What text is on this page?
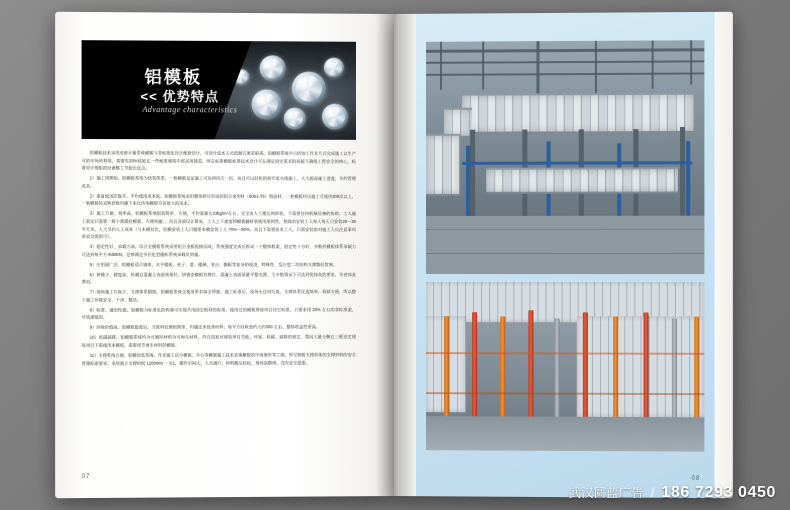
铝模板
<< 优势特点
Advantage characteristics

铝模板技术采用成套计量系统模板与非标准化设计配套设计，可设计技术人员依据方案求职需，铝模板系统中公的加工作业方式完成施工以生产可的中场所利用，需要有20%优能在一些极准建筑中部采用规范，所在标准模板标准技术设计可在满足固定需求的前提下确保工程安全的核心，标准设计规矩的设备整工节能长化点。

1）施工周期短。铝模板系统为快装体系，一套模板足足施工可达到四天一层，而且可以轻松的展开流水线施工，大大提高施工进度，节约管理成本。

2）重复使用次数多、平均使用成本低。铝模板系统采用整体挤压形成的铝合金型材（6061-T6）铸造材，一套模板经历施工可使用300次以上，一套模板的采购价格均摊下来比传统模板节省很大的成本。

3）施工方便、效率高。铝模板系统组装简单、方便，平均重量在23kg/m²左右，完全由人工搬运和拆装，不需要任何机械设备的协助；工人施工装完只需要一班小班操控模板，方便快捷；；而且各部设计简易，工人之于速度和模板翻材装使用准则性，熟练的安装工人每人每天可安装20～30平方米，人大节约人工成本（与木模对比，铝模安装工人只做要本模安装工人 70%～80%，而且不需要技术工人，只需安装前对施工人员注意事项讲求交底即可）。

4）稳定性好、承载力高。综合全模板系统采用铝合金板组接而成，系统强度完成后拆成一个整体框架，稳定性十分好，多数形模板体系承载力可达到每平方米60KN，足够满足多层化型楼标系统承载负荷量。

5）应用面广泛。铝模板适合墙体、水平楼板、柱子、梁、楼梯、室台、飘板等复杂的现浇，特殊性、反应度二次结构支撑都轻常窗。

6）拼缝少、精度高、拆模后混凝土表面效果好。拼建安模板有理位、混凝土表面质量平整光滑，大多数情况下可达到免抹灰的要求，节省抹灰费用。

7）现场施工垃圾少、支撑体系精简。铝模板系统全使用所有保全焊接、施工标准后，现场无任何垃圾，支撑体系比造简单，拆除方便，所以整个施工环境安全、干净、整洁。

8）标准、通用性强。铝模板为标准化的构建可实现共用固定板材的标准，使用过的模板将按项目设定标准，只要求用 20% 左右的非标准架，可快速使用。

9）回收价值高。铝模板报废后，当废料处理很简单，均属还本优类材料；每平方回收金约大约300 左右，整体收益性更高。

10）低碳减排。铝模板系统均为可循环材料为可再生材料，符合国家对建筑项目节能、环保、低碳、减排的规定，我因大量分解在三板设定建筑项目不需使用本模板，需要周节再生材料的模板。

11）支撑系统方便、铝模快装系统。作业施工法分模板、多台等模板施工技术省建模板的中再建形等工期，所写照板支撑但体的支撑材料的安全管理标准要求；采用独立支撑时间 1200mm 一关1，操作空间大，人员通行、材料搬运轻松，现场高整理、没有安全隐患。

07	08
武汉圆蓝广告 / 186 7293 0450
